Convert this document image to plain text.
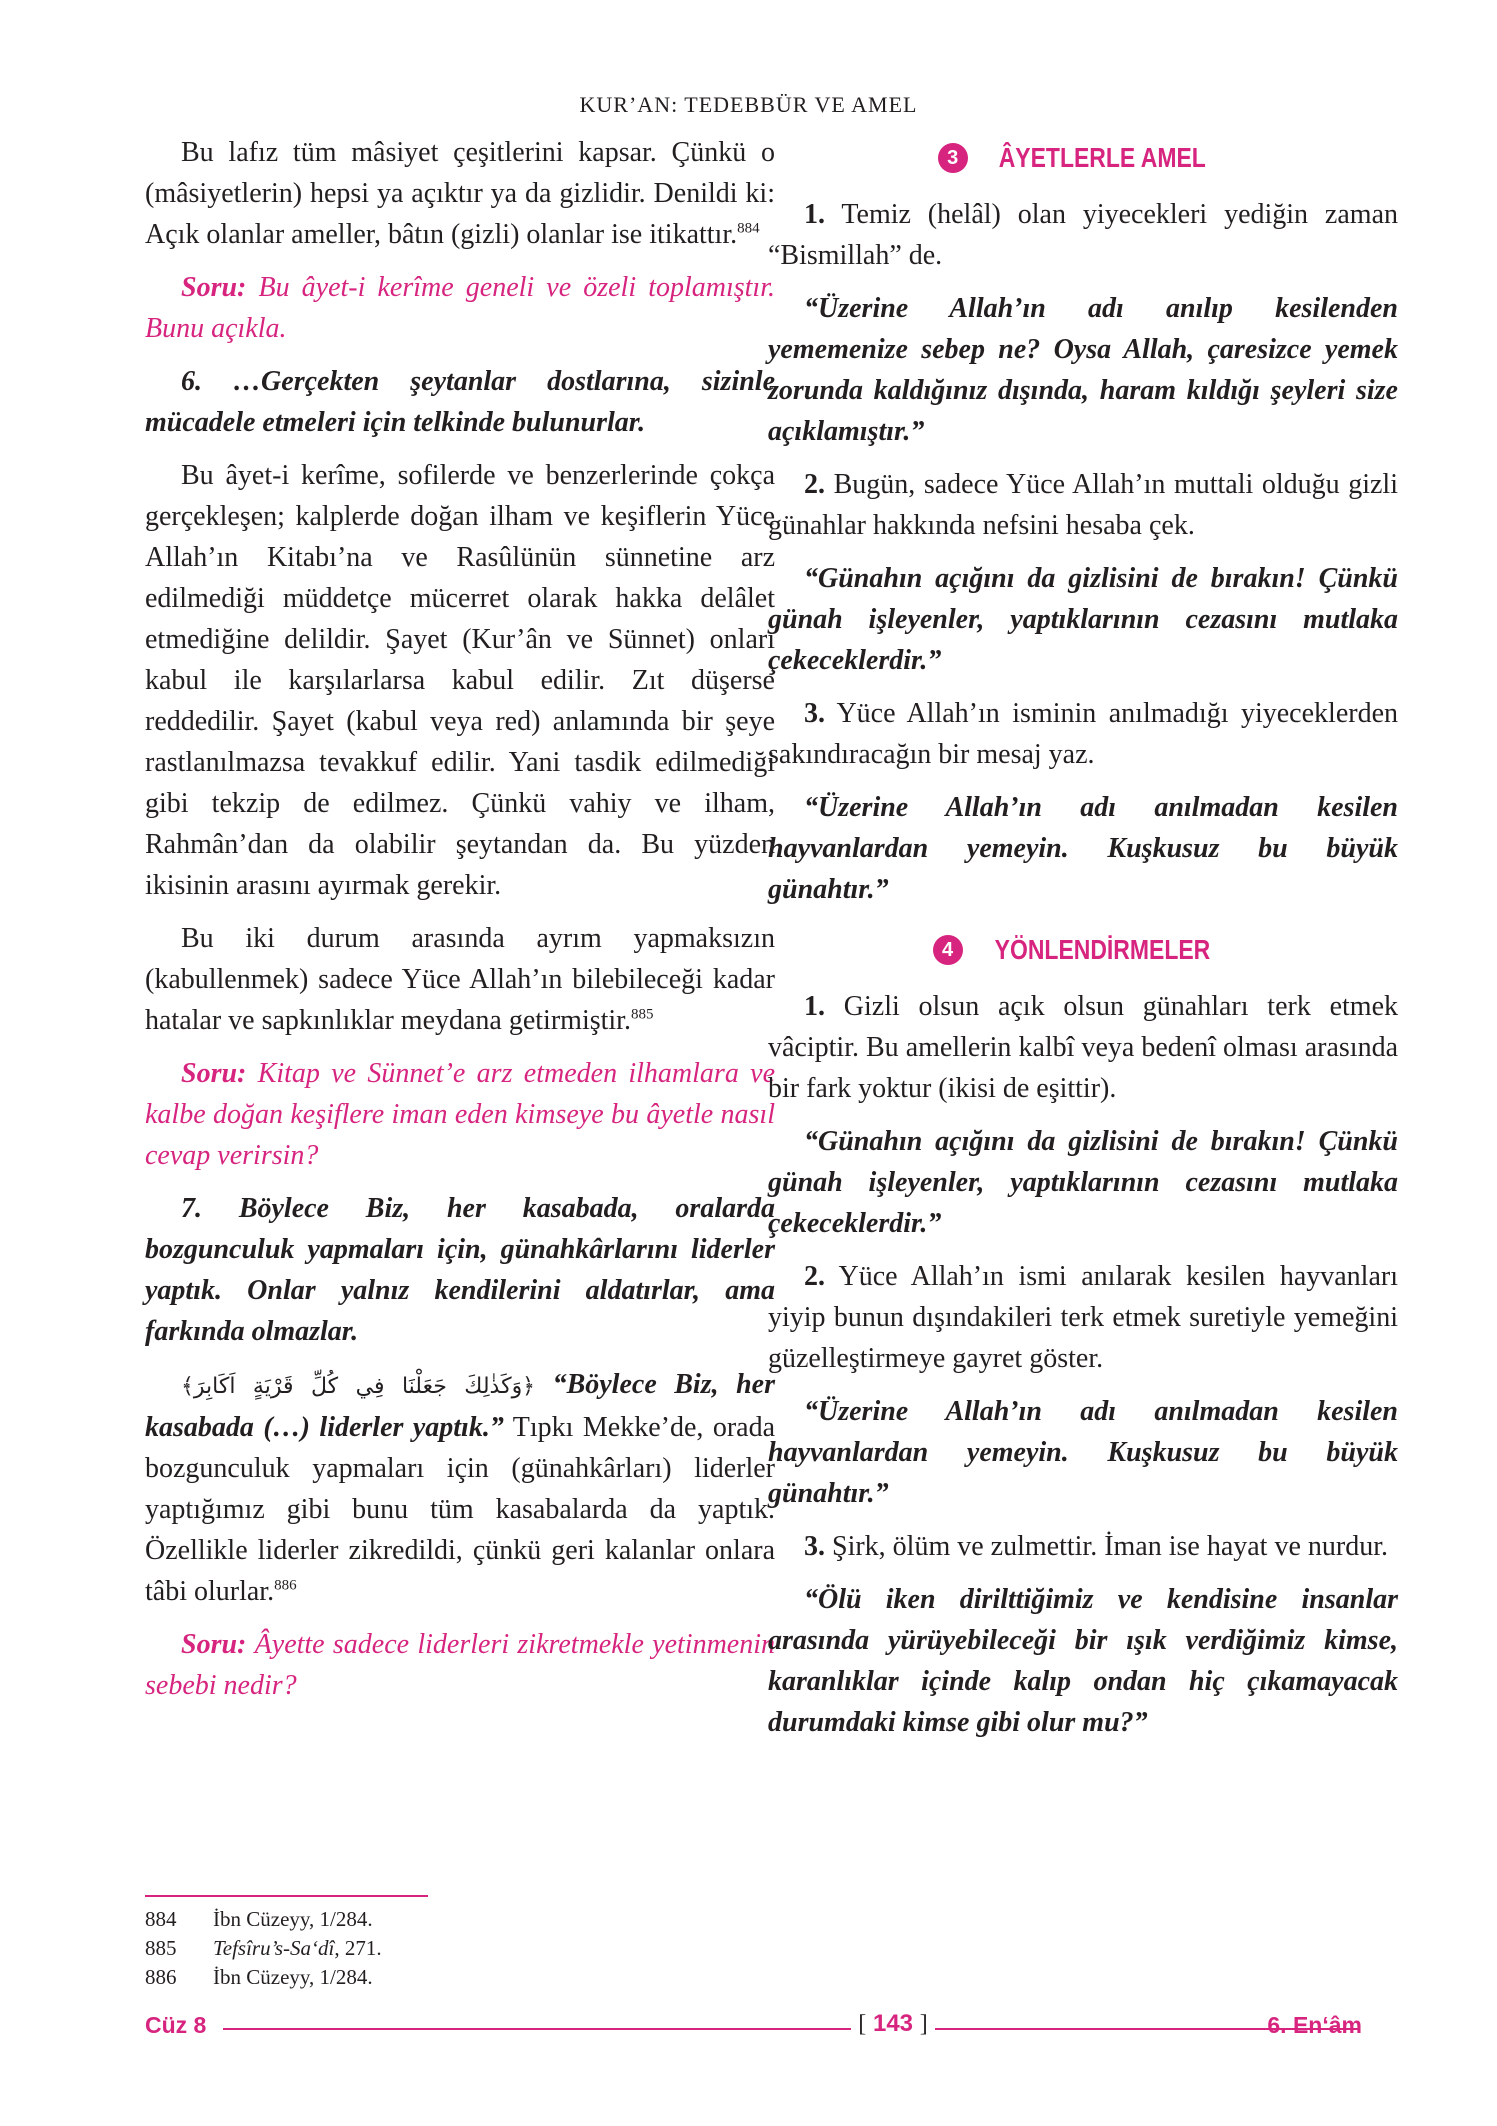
KUR’AN: TEDEBBÜR VE AMEL

Bu lafız tüm mâsiyet çeşitlerini kapsar. Çünkü o (mâsiyetlerin) hepsi ya açıktır ya da gizlidir. Denildi ki: Açık olanlar ameller, bâtın (gizli) olanlar ise itikattır.$^{884}$

Soru: Bu âyet-i kerîme geneli ve özeli toplamıştır. Bunu açıkla.

6. …Gerçekten şeytanlar dostlarına, sizinle mücadele etmeleri için telkinde bulunurlar.

Bu âyet-i kerîme, sofilerde ve benzerlerinde çokça gerçekleşen; kalplerde doğan ilham ve keşiflerin Yüce Allah’ın Kitabı’na ve Rasûlünün sünnetine arz edilmediği müddetçe mücerret olarak hakka delâlet etmediğine delildir. Şayet (Kur’ân ve Sünnet) onları kabul ile karşılarlarsa kabul edilir. Zıt düşerse reddedilir. Şayet (kabul veya red) anlamında bir şeye rastlanılmazsa tevakkuf edilir. Yani tasdik edilmediği gibi tekzip de edilmez. Çünkü vahiy ve ilham, Rahmân’dan da olabilir şeytandan da. Bu yüzden ikisinin arasını ayırmak gerekir.

Bu iki durum arasında ayrım yapmaksızın (kabullenmek) sadece Yüce Allah’ın bilebileceği kadar hatalar ve sapkınlıklar meydana getirmiştir.$^{885}$

Soru: Kitap ve Sünnet’e arz etmeden ilhamlara ve kalbe doğan keşiflere iman eden kimseye bu âyetle nasıl cevap verirsin?

7. Böylece Biz, her kasabada, oralarda bozgunculuk yapmaları için, günahkârlarını liderler yaptık. Onlar yalnız kendilerini aldatırlar, ama farkında olmazlar.

﴿وَكَذٰلِكَ جَعَلْنَا فِي كُلِّ قَرْيَةٍ اَكَابِرَ﴾ “Böylece Biz, her kasabada (…) liderler yaptık.” Tıpkı Mekke’de, orada bozgunculuk yapmaları için (günahkârları) liderler yaptığımız gibi bunu tüm kasabalarda da yaptık. Özellikle liderler zikredildi, çünkü geri kalanlar onlara tâbi olurlar.$^{886}$

Soru: Âyette sadece liderleri zikretmekle yetinmenin sebebi nedir?

3	ÂYETLERLE AMEL

1. Temiz (helâl) olan yiyecekleri yediğin zaman “Bismillah” de.

“Üzerine Allah’ın adı anılıp kesilenden yememenize sebep ne? Oysa Allah, çaresizce yemek zorunda kaldığınız dışında, haram kıldığı şeyleri size açıklamıştır.”

2. Bugün, sadece Yüce Allah’ın muttali olduğu gizli günahlar hakkında nefsini hesaba çek.

“Günahın açığını da gizlisini de bırakın! Çünkü günah işleyenler, yaptıklarının cezasını mutlaka çekeceklerdir.”

3. Yüce Allah’ın isminin anılmadığı yiyeceklerden sakındıracağın bir mesaj yaz.

“Üzerine Allah’ın adı anılmadan kesilen hayvanlardan yemeyin. Kuşkusuz bu büyük günahtır.”

4	YÖNLENDİRMELER

1. Gizli olsun açık olsun günahları terk etmek vâciptir. Bu amellerin kalbî veya bedenî olması arasında bir fark yoktur (ikisi de eşittir).

“Günahın açığını da gizlisini de bırakın! Çünkü günah işleyenler, yaptıklarının cezasını mutlaka çekeceklerdir.”

2. Yüce Allah’ın ismi anılarak kesilen hayvanları yiyip bunun dışındakileri terk etmek suretiyle yemeğini güzelleştirmeye gayret göster.

“Üzerine Allah’ın adı anılmadan kesilen hayvanlardan yemeyin. Kuşkusuz bu büyük günahtır.”

3. Şirk, ölüm ve zulmettir. İman ise hayat ve nurdur.

“Ölü iken dirilttiğimiz ve kendisine insanlar arasında yürüyebileceği bir ışık verdiğimiz kimse, karanlıklar içinde kalıp ondan hiç çıkamayacak durumdaki kimse gibi olur mu?”

884	İbn Cüzeyy, 1/284.
885	Tefsîru’s-Sa‘dî, 271.
886	İbn Cüzeyy, 1/284.
Cüz 8	[ 143 ]	6. En‘âm
